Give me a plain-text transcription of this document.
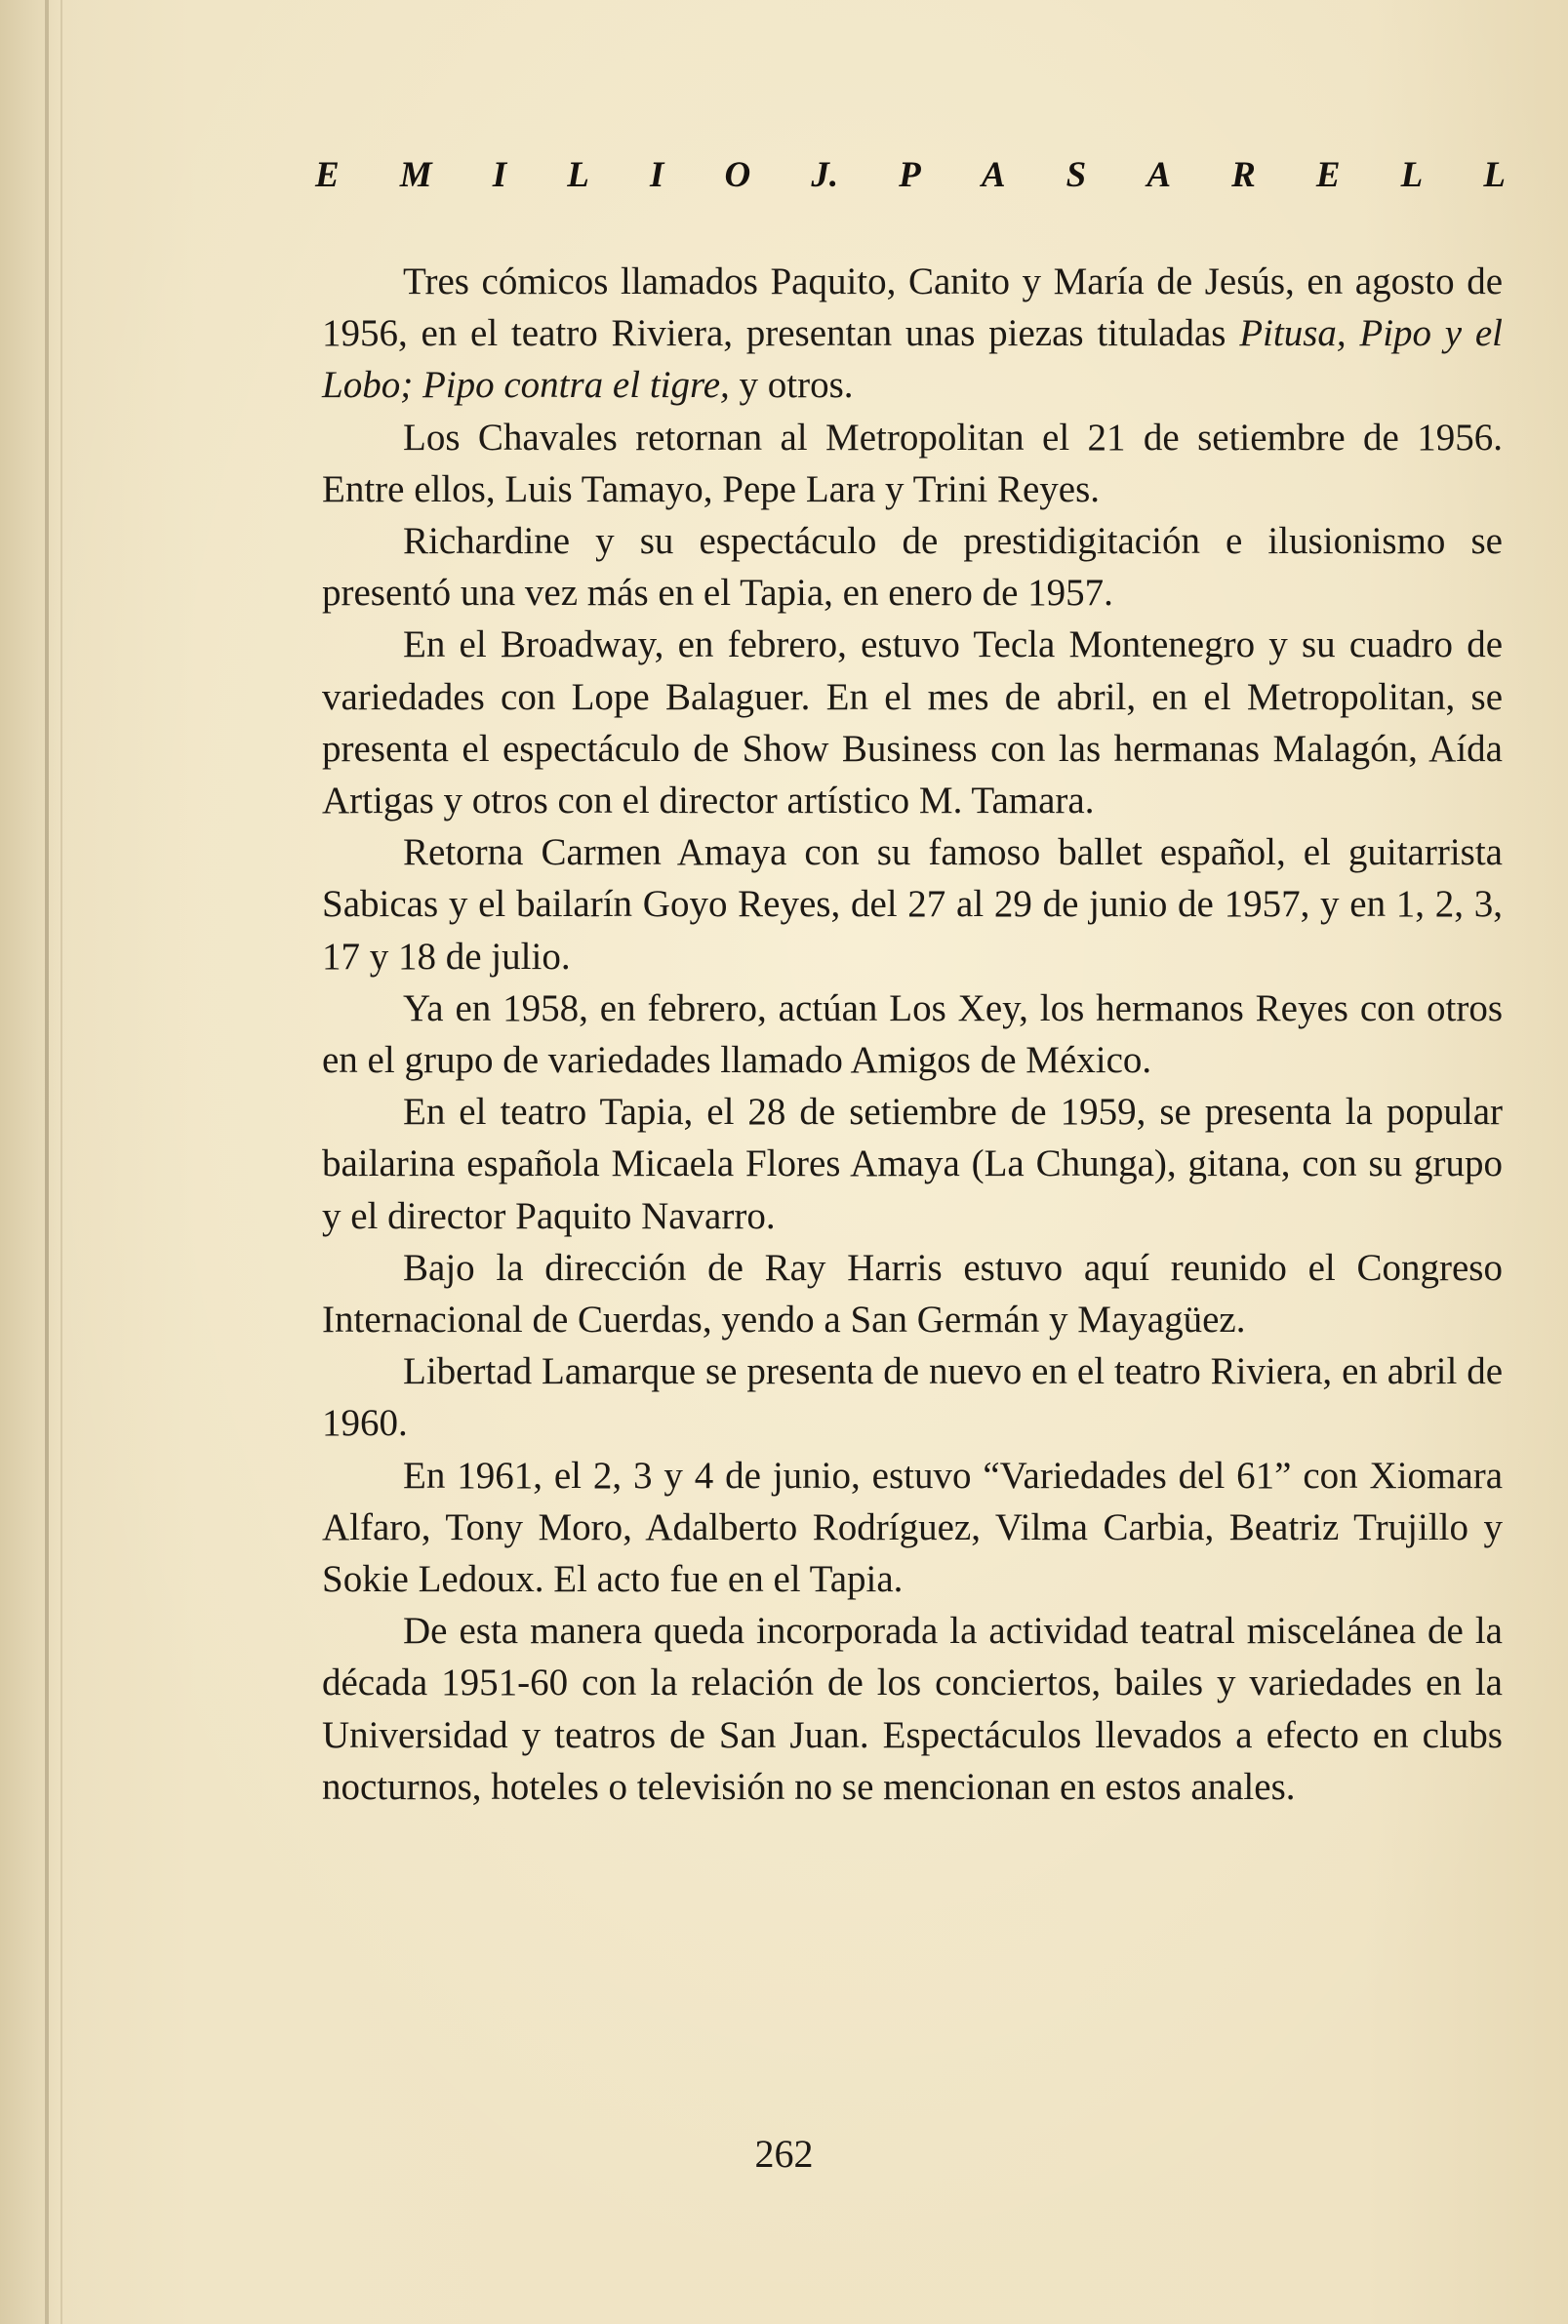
E M I L I O J. P A S A R E L L

Tres cómicos llamados Paquito, Canito y María de Jesús, en agosto de 1956, en el teatro Riviera, presentan unas piezas tituladas Pitusa, Pipo y el Lobo; Pipo contra el tigre, y otros.

Los Chavales retornan al Metropolitan el 21 de setiembre de 1956. Entre ellos, Luis Tamayo, Pepe Lara y Trini Reyes.

Richardine y su espectáculo de prestidigitación e ilusionismo se presentó una vez más en el Tapia, en enero de 1957.

En el Broadway, en febrero, estuvo Tecla Montenegro y su cuadro de variedades con Lope Balaguer. En el mes de abril, en el Metropolitan, se presenta el espectáculo de Show Business con las hermanas Malagón, Aída Artigas y otros con el director artístico M. Tamara.

Retorna Carmen Amaya con su famoso ballet español, el guitarrista Sabicas y el bailarín Goyo Reyes, del 27 al 29 de junio de 1957, y en 1, 2, 3, 17 y 18 de julio.

Ya en 1958, en febrero, actúan Los Xey, los hermanos Reyes con otros en el grupo de variedades llamado Amigos de México.

En el teatro Tapia, el 28 de setiembre de 1959, se presenta la popular bailarina española Micaela Flores Amaya (La Chunga), gitana, con su grupo y el director Paquito Navarro.

Bajo la dirección de Ray Harris estuvo aquí reunido el Congreso Internacional de Cuerdas, yendo a San Germán y Mayagüez.

Libertad Lamarque se presenta de nuevo en el teatro Riviera, en abril de 1960.

En 1961, el 2, 3 y 4 de junio, estuvo “Variedades del 61” con Xiomara Alfaro, Tony Moro, Adalberto Rodríguez, Vilma Carbia, Beatriz Trujillo y Sokie Ledoux. El acto fue en el Tapia.

De esta manera queda incorporada la actividad teatral miscelánea de la década 1951-60 con la relación de los conciertos, bailes y variedades en la Universidad y teatros de San Juan. Espectáculos llevados a efecto en clubs nocturnos, hoteles o televisión no se mencionan en estos anales.

262
